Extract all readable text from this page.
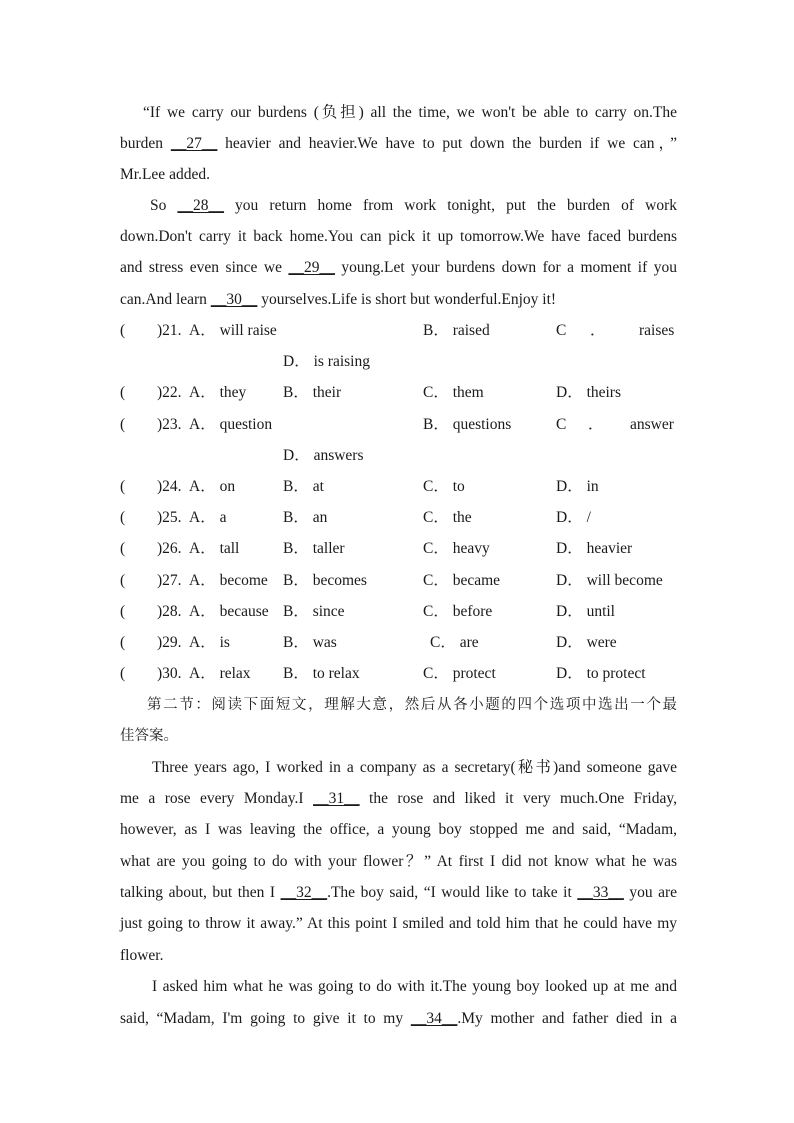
“If we carry our burdens (负担) all the time, we won't be able to carry on.The
burden __27__ heavier and heavier.We have to put down the burden if we can，”
Mr.Lee added.
So __28__ you return home from work tonight, put the burden of work
down.Don't carry it back home.You can pick it up tomorrow.We have faced burdens
and stress even since we __29__ young.Let your burdens down for a moment if you
can.And learn __30__ yourselves.Life is short but wonderful.Enjoy it!
( )21. A． will raise	B． raised	C ． raises
D． is raising
( )22. A． they B． their	C． them	D． theirs
( )23. A． question	B． questions	C ． answer
D． answers
( )24. A． on	B． at	C． to	D． in
( )25. A． a	B． an	C． the	D． /
( )26. A． tall	B． taller	C． heavy	D． heavier
( )27. A． become B． becomes	C． became	D． will become
( )28. A． because B． since	C． before	D． until
( )29. A． is	B． was	C． are	D． were
( )30. A． relax B． to relax	C． protect	D． to protect
第二节：阅读下面短文，理解大意，然后从各小题的四个选项中选出一个最
佳答案。
Three years ago, I worked in a company as a secretary(秘书)and someone gave
me a rose every Monday.I __31__ the rose and liked it very much.One Friday,
however, as I was leaving the office, a young boy stopped me and said, “Madam,
what are you going to do with your flower？” At first I did not know what he was
talking about, but then I __32__.The boy said, “I would like to take it __33__ you are
just going to throw it away.” At this point I smiled and told him that he could have my
flower.
I asked him what he was going to do with it.The young boy looked up at me and
said, “Madam, I'm going to give it to my __34__.My mother and father died in a
